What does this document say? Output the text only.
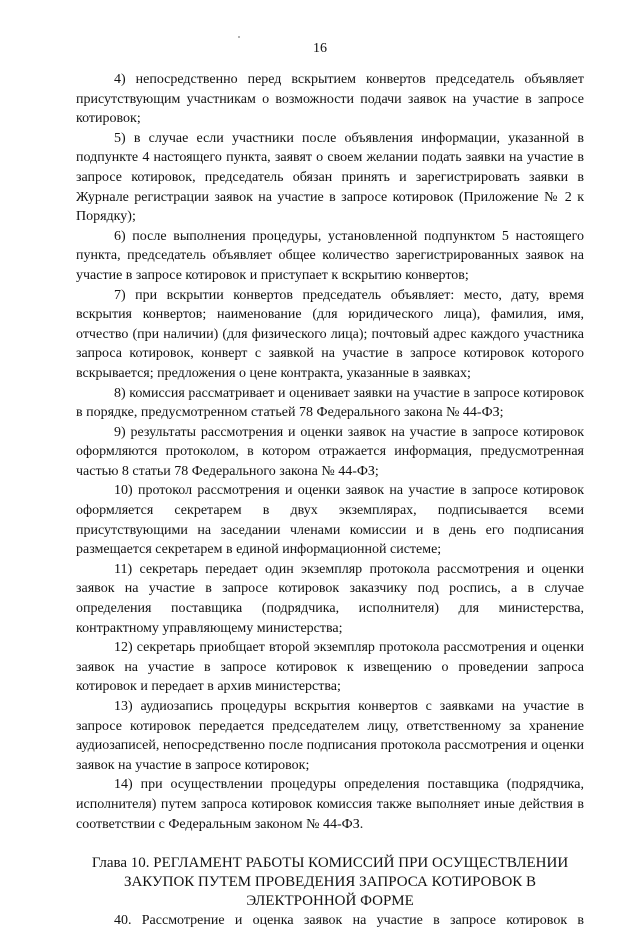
16

4) непосредственно перед вскрытием конвертов председатель объявляет присутствующим участникам о возможности подачи заявок на участие в запросе котировок;

5) в случае если участники после объявления информации, указанной в подпункте 4 настоящего пункта, заявят о своем желании подать заявки на участие в запросе котировок, председатель обязан принять и зарегистрировать заявки в Журнале регистрации заявок на участие в запросе котировок (Приложение № 2 к Порядку);

6) после выполнения процедуры, установленной подпунктом 5 настоящего пункта, председатель объявляет общее количество зарегистрированных заявок на участие в запросе котировок и приступает к вскрытию конвертов;

7) при вскрытии конвертов председатель объявляет: место, дату, время вскрытия конвертов; наименование (для юридического лица), фамилия, имя, отчество (при наличии) (для физического лица); почтовый адрес каждого участника запроса котировок, конверт с заявкой на участие в запросе котировок которого вскрывается; предложения о цене контракта, указанные в заявках;

8) комиссия рассматривает и оценивает заявки на участие в запросе котировок в порядке, предусмотренном статьей 78 Федерального закона № 44-ФЗ;

9) результаты рассмотрения и оценки заявок на участие в запросе котировок оформляются протоколом, в котором отражается информация, предусмотренная частью 8 статьи 78 Федерального закона № 44-ФЗ;

10) протокол рассмотрения и оценки заявок на участие в запросе котировок оформляется секретарем в двух экземплярах, подписывается всеми присутствующими на заседании членами комиссии и в день его подписания размещается секретарем в единой информационной системе;

11) секретарь передает один экземпляр протокола рассмотрения и оценки заявок на участие в запросе котировок заказчику под роспись, а в случае определения поставщика (подрядчика, исполнителя) для министерства, контрактному управляющему министерства;

12) секретарь приобщает второй экземпляр протокола рассмотрения и оценки заявок на участие в запросе котировок к извещению о проведении запроса котировок и передает в архив министерства;

13) аудиозапись процедуры вскрытия конвертов с заявками на участие в запросе котировок передается председателем лицу, ответственному за хранение аудиозаписей, непосредственно после подписания протокола рассмотрения и оценки заявок на участие в запросе котировок;

14) при осуществлении процедуры определения поставщика (подрядчика, исполнителя) путем запроса котировок комиссия также выполняет иные действия в соответствии с Федеральным законом № 44-ФЗ.

Глава 10. РЕГЛАМЕНТ РАБОТЫ КОМИССИЙ ПРИ ОСУЩЕСТВЛЕНИИ ЗАКУПОК ПУТЕМ ПРОВЕДЕНИЯ ЗАПРОСА КОТИРОВОК В ЭЛЕКТРОННОЙ ФОРМЕ

40. Рассмотрение и оценка заявок на участие в запросе котировок в
